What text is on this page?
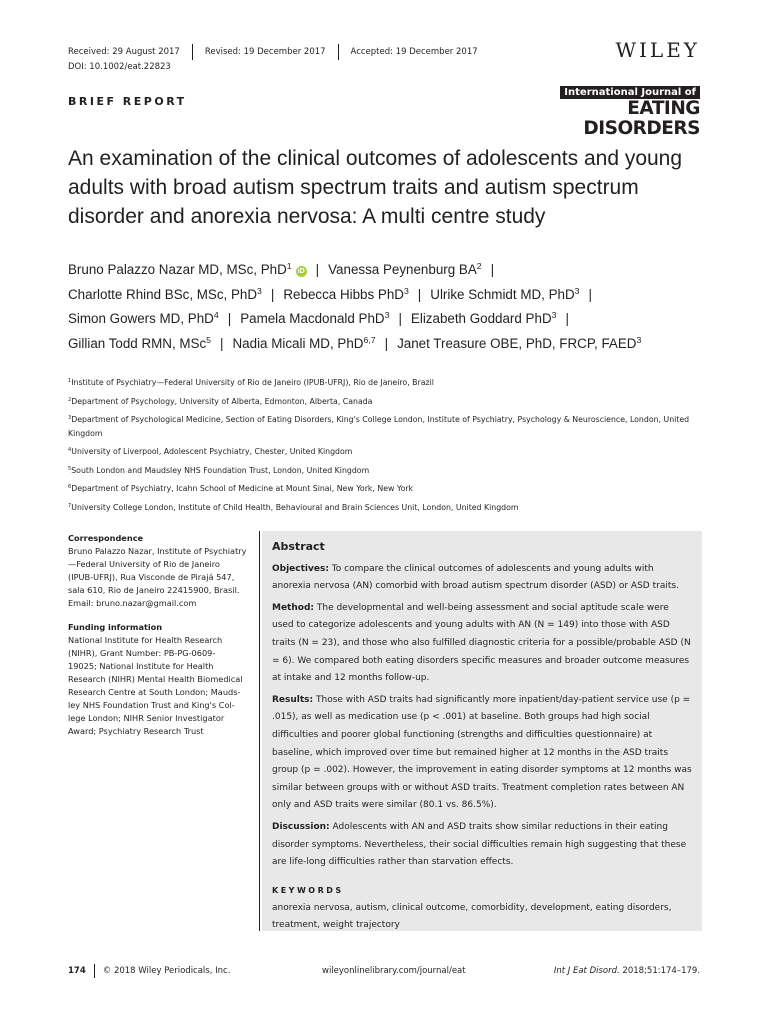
Received: 29 August 2017	Revised: 19 December 2017	Accepted: 19 December 2017
DOI: 10.1002/eat.22823
WILEY
International Journal of
EATING DISORDERS
BRIEF REPORT
An examination of the clinical outcomes of adolescents and young adults with broad autism spectrum traits and autism spectrum disorder and anorexia nervosa: A multi centre study
Bruno Palazzo Nazar MD, MSc, PhD$^1$iD | Vanessa Peynenburg $BA^2$ |
Charlotte Rhind BSc, MSc, PhD$^3$ | Rebecca Hibbs PhD$^3$ | Ulrike Schmidt MD, PhD$^3$ |
Simon Gowers MD, PhD$^4$ | Pamela Macdonald PhD$^3$ | Elizabeth Goddard PhD$^3$ |
Gillian Todd RMN, MSc$^5$ | Nadia Micali MD, PhD$^{6,7}$ | Janet Treasure OBE, PhD, FRCP, FAED$^3$

$^1$Institute of Psychiatry—Federal University of Rio de Janeiro (IPUB-UFRJ), Rio de Janeiro, Brazil

$^2$Department of Psychology, University of Alberta, Edmonton, Alberta, Canada

$^3$Department of Psychological Medicine, Section of Eating Disorders, King's College London, Institute of Psychiatry, Psychology & Neuroscience, London, United Kingdom

$^4$University of Liverpool, Adolescent Psychiatry, Chester, United Kingdom

$^5$South London and Maudsley NHS Foundation Trust, London, United Kingdom

$^6$Department of Psychiatry, Icahn School of Medicine at Mount Sinai, New York, New York

$^7$University College London, Institute of Child Health, Behavioural and Brain Sciences Unit, London, United Kingdom

Correspondence

Bruno Palazzo Nazar, Institute of Psychiatry
—Federal University of Rio de Janeiro
(IPUB-UFRJ), Rua Visconde de Pirajá 547,
sala 610, Rio de Janeiro 22415900, Brasil.
Email: bruno.nazar@gmail.com

Funding information

National Institute for Health Research
(NIHR), Grant Number: PB-PG-0609-
19025; National Institute for Health
Research (NIHR) Mental Health Biomedical
Research Centre at South London; Mauds-
ley NHS Foundation Trust and King's Col-
lege London; NIHR Senior Investigator
Award; Psychiatry Research Trust

Abstract

Objectives: To compare the clinical outcomes of adolescents and young adults with anorexia nervosa (AN) comorbid with broad autism spectrum disorder (ASD) or ASD traits.

Method: The developmental and well-being assessment and social aptitude scale were used to categorize adolescents and young adults with AN (N = 149) into those with ASD traits (N = 23), and those who also fulfilled diagnostic criteria for a possible/probable ASD (N = 6). We compared both eating disorders specific measures and broader outcome measures at intake and 12 months follow-up.

Results: Those with ASD traits had significantly more inpatient/day-patient service use (p = .015), as well as medication use (p < .001) at baseline. Both groups had high social difficulties and poorer global functioning (strengths and difficulties questionnaire) at baseline, which improved over time but remained higher at 12 months in the ASD traits group (p = .002). However, the improvement in eating disorder symptoms at 12 months was similar between groups with or without ASD traits. Treatment completion rates between AN only and ASD traits were similar (80.1 vs. 86.5%).

Discussion: Adolescents with AN and ASD traits show similar reductions in their eating disorder symptoms. Nevertheless, their social difficulties remain high suggesting that these are life-long difficulties rather than starvation effects.

KEYWORDS

anorexia nervosa, autism, clinical outcome, comorbidity, development, eating disorders, treatment, weight trajectory

174 © 2018 Wiley Periodicals, Inc.	wileyonlinelibrary.com/journal/eat	Int J Eat Disord. 2018;51:174–179.
